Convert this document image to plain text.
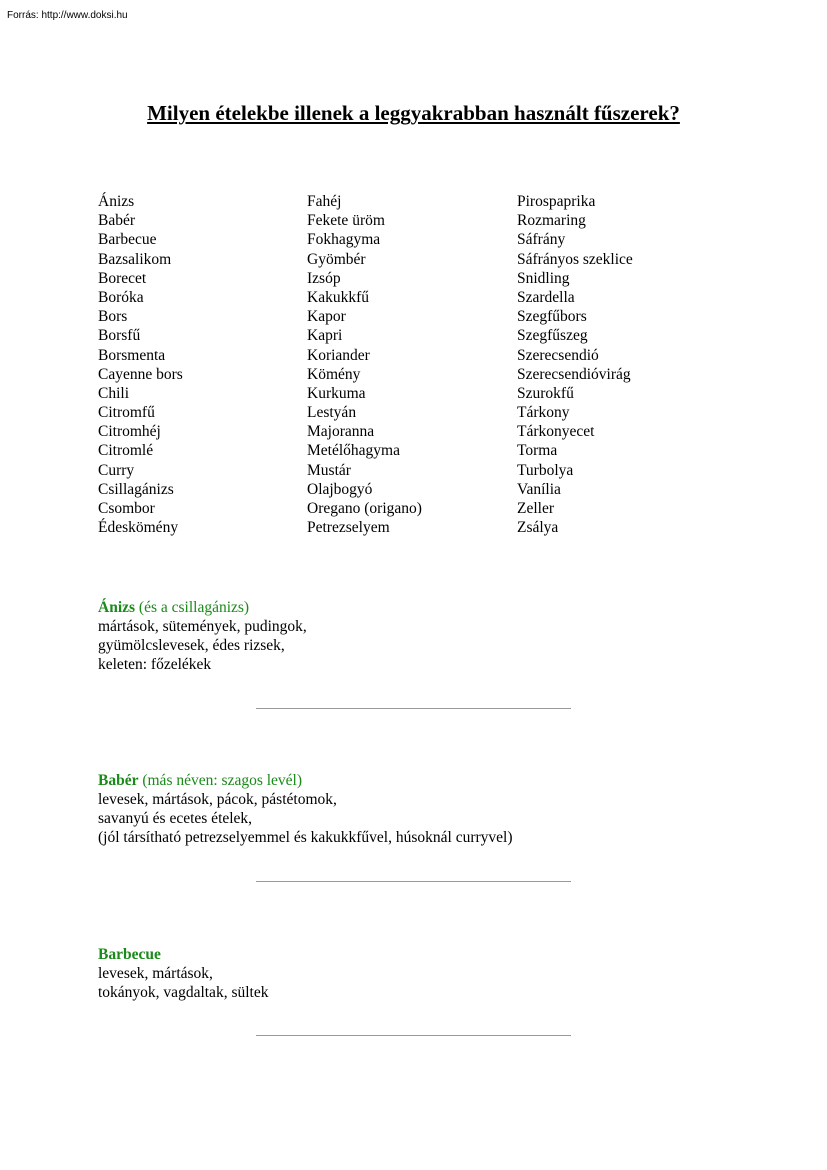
Forrás: http://www.doksi.hu
Milyen ételekbe illenek a leggyakrabban használt fűszerek?
Ánizs
Babér
Barbecue
Bazsalikom
Borecet
Boróka
Bors
Borsfű
Borsmenta
Cayenne bors
Chili
Citromfű
Citromhéj
Citromlé
Curry
Csillagánizs
Csombor
Édeskömény
Fahéj
Fekete üröm
Fokhagyma
Gyömbér
Izsóp
Kakukkfű
Kapor
Kapri
Koriander
Kömény
Kurkuma
Lestyán
Majoranna
Metélőhagyma
Mustár
Olajbogyó
Oregano (origano)
Petrezselyem
Pirospaprika
Rozmaring
Sáfrány
Sáfrányos szeklice
Snidling
Szardella
Szegfűbors
Szegfűszeg
Szerecsendió
Szerecsendióvirág
Szurokfű
Tárkony
Tárkonyecet
Torma
Turbolya
Vanília
Zeller
Zsálya
Ánizs (és a csillagánizs)
mártások, sütemények, pudingok,
gyümölcslevesek, édes rizsek,
keleten: főzelékek
Babér (más néven: szagos levél)
levesek, mártások, pácok, pástétomok,
savanyú és ecetes ételek,
(jól társítható petrezselyemmel és kakukkfűvel, húsoknál curryvel)
Barbecue
levesek, mártások,
tokányok, vagdaltak, sültek
